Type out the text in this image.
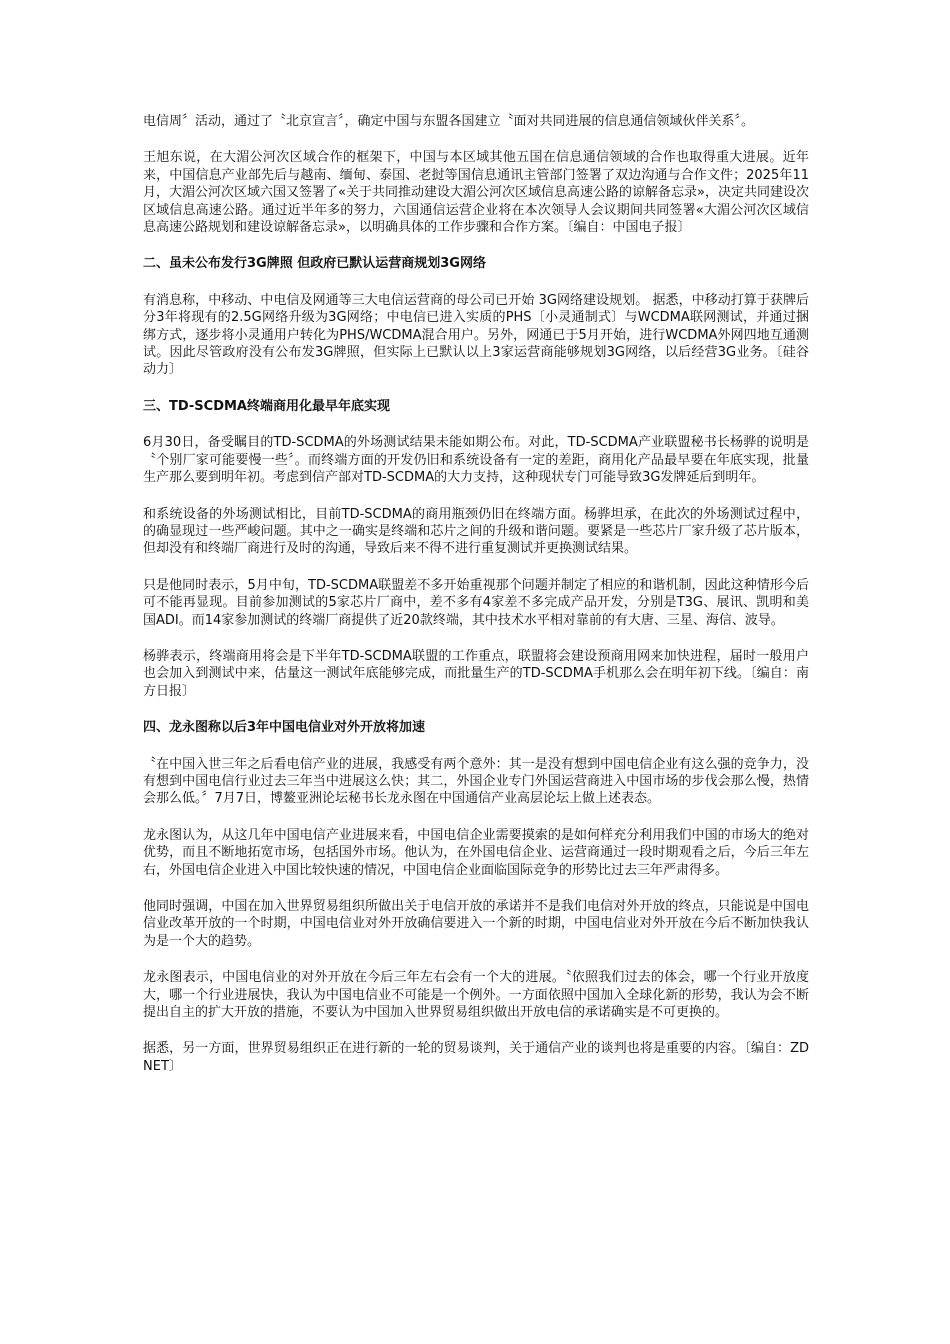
电信周〞活动，通过了〝北京宣言〞，确定中国与东盟各国建立〝面对共同进展的信息通信领域伙伴关系〞。

王旭东说，在大湄公河次区域合作的框架下，中国与本区域其他五国在信息通信领域的合作也取得重大进展。近年来，中国信息产业部先后与越南、缅甸、泰国、老挝等国信息通讯主管部门签署了双边沟通与合作文件；2025年11月，大湄公河次区域六国又签署了«关于共同推动建设大湄公河次区域信息高速公路的谅解备忘录»，决定共同建设次区域信息高速公路。通过近半年多的努力，六国通信运营企业将在本次领导人会议期间共同签署«大湄公河次区域信息高速公路规划和建设谅解备忘录»，以明确具体的工作步骤和合作方案。〔编自：中国电子报〕

二、虽未公布发行3G牌照 但政府已默认运营商规划3G网络

有消息称，中移动、中电信及网通等三大电信运营商的母公司已开始 3G网络建设规划。 据悉，中移动打算于获牌后分3年将现有的2.5G网络升级为3G网络；中电信已进入实质的PHS〔小灵通制式〕与WCDMA联网测试，并通过捆绑方式，逐步将小灵通用户转化为PHS/WCDMA混合用户。另外，网通已于5月开始，进行WCDMA外网四地互通测试。因此尽管政府没有公布发3G牌照，但实际上已默认以上3家运营商能够规划3G网络，以后经营3G业务。〔硅谷动力〕

三、TD-SCDMA终端商用化最早年底实现

6月30日，备受瞩目的TD-SCDMA的外场测试结果未能如期公布。对此，TD-SCDMA产业联盟秘书长杨骅的说明是〝个别厂家可能要慢一些〞。而终端方面的开发仍旧和系统设备有一定的差距，商用化产品最早要在年底实现，批量生产那么要到明年初。考虑到信产部对TD-SCDMA的大力支持，这种现状专门可能导致3G发牌延后到明年。

和系统设备的外场测试相比，目前TD-SCDMA的商用瓶颈仍旧在终端方面。杨骅坦承，在此次的外场测试过程中，的确显现过一些严峻问题。其中之一确实是终端和芯片之间的升级和谐问题。要紧是一些芯片厂家升级了芯片版本，但却没有和终端厂商进行及时的沟通，导致后来不得不进行重复测试并更换测试结果。

只是他同时表示，5月中旬，TD-SCDMA联盟差不多开始重视那个问题并制定了相应的和谐机制，因此这种情形今后可不能再显现。目前参加测试的5家芯片厂商中，差不多有4家差不多完成产品开发，分别是T3G、展讯、凯明和美国ADI。而14家参加测试的终端厂商提供了近20款终端，其中技术水平相对靠前的有大唐、三星、海信、波导。

杨骅表示，终端商用将会是下半年TD-SCDMA联盟的工作重点，联盟将会建设预商用网来加快进程，届时一般用户也会加入到测试中来，估量这一测试年底能够完成，而批量生产的TD-SCDMA手机那么会在明年初下线。〔编自：南方日报〕

四、龙永图称以后3年中国电信业对外开放将加速

〝在中国入世三年之后看电信产业的进展，我感受有两个意外：其一是没有想到中国电信企业有这么强的竞争力，没有想到中国电信行业过去三年当中进展这么快；其二，外国企业专门外国运营商进入中国市场的步伐会那么慢，热情会那么低。〞7月7日，博鳌亚洲论坛秘书长龙永图在中国通信产业高层论坛上做上述表态。

龙永图认为，从这几年中国电信产业进展来看，中国电信企业需要摸索的是如何样充分利用我们中国的市场大的绝对优势，而且不断地拓宽市场，包括国外市场。他认为，在外国电信企业、运营商通过一段时期观看之后，今后三年左右，外国电信企业进入中国比较快速的情况，中国电信企业面临国际竞争的形势比过去三年严肃得多。

他同时强调，中国在加入世界贸易组织所做出关于电信开放的承诺并不是我们电信对外开放的终点，只能说是中国电信业改革开放的一个时期，中国电信业对外开放确信要进入一个新的时期，中国电信业对外开放在今后不断加快我认为是一个大的趋势。

龙永图表示，中国电信业的对外开放在今后三年左右会有一个大的进展。〝依照我们过去的体会，哪一个行业开放度大，哪一个行业进展快，我认为中国电信业不可能是一个例外。一方面依照中国加入全球化新的形势，我认为会不断提出自主的扩大开放的措施，不要认为中国加入世界贸易组织做出开放电信的承诺确实是不可更换的。

据悉，另一方面，世界贸易组织正在进行新的一轮的贸易谈判，关于通信产业的谈判也将是重要的内容。〔编自：ZDNET〕
